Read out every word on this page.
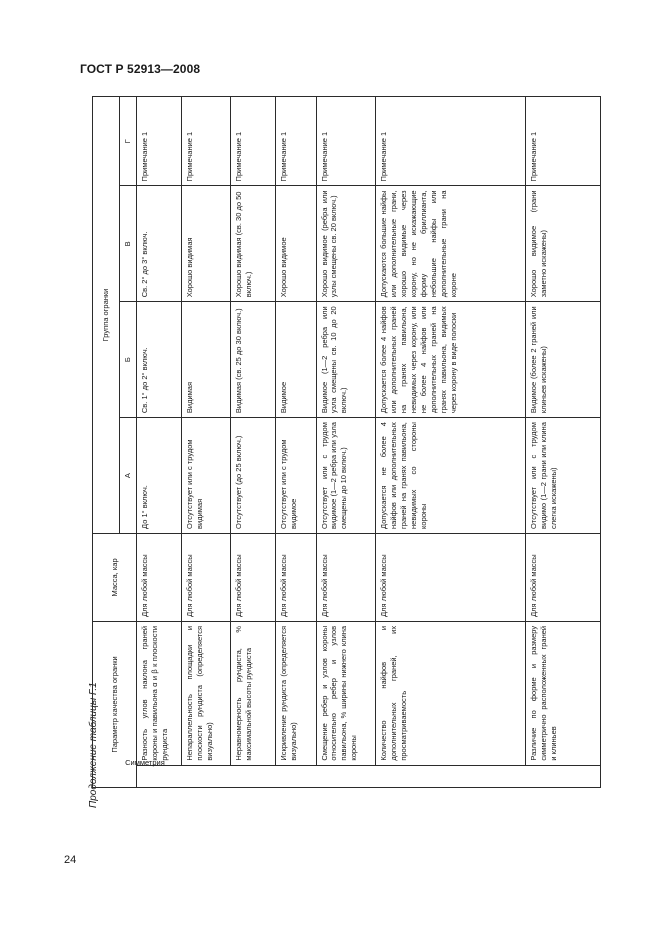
ГОСТ Р 52913—2008
Продолжение таблицы Г.1 Параметр качества огранки		Масса, кар	Группа огранки			
			А	Б	В	Г
Симметрия	Разность углов наклона граней короны и павильона α и β к плоскости рундиста	Для любой массы	До 1° включ.	Св. 1° до 2° включ.	Св. 2° до 3° включ.	Примечание 1
	Непараллельность площадки и плоскости рундиста (определяется визуально)	Для любой массы	Отсутствует или с трудом видимая	Видимая	Хорошо видимая	Примечание 1
	Неравномерность рундиста, % максимальной высоты рундиста	Для любой массы	Отсутствует (до 25 включ.)	Видимая (св. 25 до 30 включ.)	Хорошо видимая (св. 30 до 50 включ.)	Примечание 1
	Искривление рундиста (определяется визуально)	Для любой массы	Отсутствует или с трудом видимое	Видимое	Хорошо видимое	Примечание 1
	Смещение ребер и узлов короны относительно ребер и узлов павильона, % ширины нижнего клина короны	Для любой массы	Отсутствует или с трудом видимое (1—2 ребра или узла смещены до 10 включ.)	Видимое (1—2 ребра или узла смещены св. 10 до 20 включ.)	Хорошо видимое (ребра или узлы смещены св. 20 включ.)	Примечание 1
	Количество найфов и дополнительных граней, их просматриваемость	Для любой массы	Допускается не более 4 найфов или дополнительных граней на гранях павильона, невидимых со стороны короны	Допускается более 4 найфов или дополнительных граней на гранях павильона, невидимых через корону, или не более 4 найфов или дополнительных граней на гранях павильона, видимых через корону в виде полоски	Допускаются большие найфы или дополнительные грани, хорошо видимые через корону, но не искажающие форму бриллианта, небольшие найфы или дополнительные грани на короне	Примечание 1
	Различие по форме и размеру симметрично расположенных граней и клиньев	Для любой массы	Отсутствует или с трудом видимо (1—2 грани или клина слегка искажены)	Видимое (более 2 граней или клиньев искажены)	Хорошо видимое (грани заметно искажены)	Примечание 1
24
